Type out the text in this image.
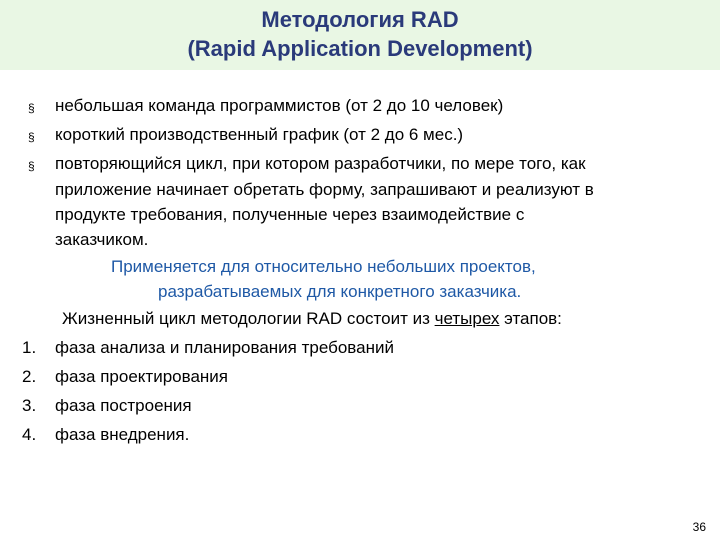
Методология RAD
(Rapid Application Development)
§ небольшая команда программистов (от 2 до 10 человек)
§ короткий производственный график (от 2 до 6 мес.)
§ повторяющийся цикл, при котором разработчики, по мере того, как
приложение начинает обретать форму, запрашивают и реализуют в
продукте требования, полученные через взаимодействие с
заказчиком.
Применяется для относительно небольших проектов,
разрабатываемых для конкретного заказчика.
Жизненный цикл методологии RAD состоит из четырех этапов:
1. фаза анализа и планирования требований
2. фаза проектирования
3. фаза построения
4. фаза внедрения.
36
